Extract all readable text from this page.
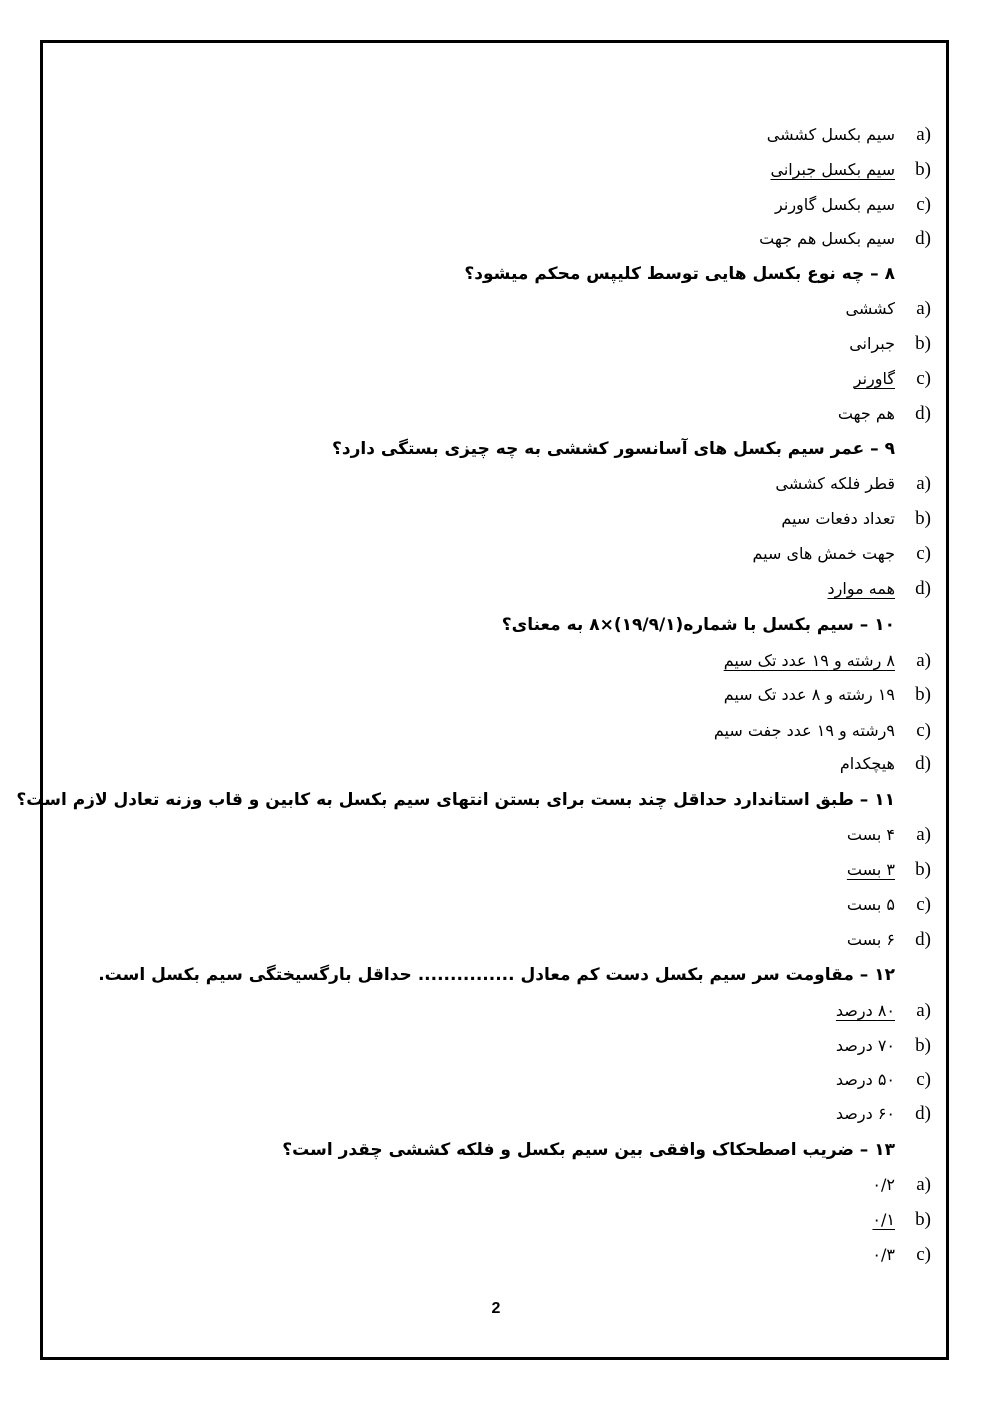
a)سیم بکسل کششی
b)سیم بکسل جبرانی
c)سیم بکسل گاورنر
d)سیم بکسل هم جهت
۸ – چه نوع بکسل هایی توسط کلیپس محکم میشود؟
a)کششی
b)جبرانی
c)گاورنر
d)هم جهت
۹ – عمر سیم بکسل های آسانسور کششی به چه چیزی بستگی دارد؟
a)قطر فلکه کششی
b)تعداد دفعات سیم
c)جهت خمش های سیم
d)همه موارد
۱۰ – سیم بکسل با شماره(۱۹/۹/۱)×۸ به معنای؟
a)۸ رشته و ۱۹ عدد تک سیم
b)۱۹ رشته و ۸ عدد تک سیم
c)۹رشته و ۱۹ عدد جفت سیم
d)هیچکدام
۱۱ – طبق استاندارد حداقل چند بست برای بستن انتهای سیم بکسل به کابین و قاب وزنه تعادل لازم است؟
a)۴ بست
b)۳ بست
c)۵ بست
d)۶ بست
۱۲ – مقاومت سر سیم بکسل دست کم معادل ............... حداقل بارگسیختگی سیم بکسل است.
a)۸۰ درصد
b)۷۰ درصد
c)۵۰ درصد
d)۶۰ درصد
۱۳ – ضریب اصطحکاک وافقی بین سیم بکسل و فلکه کششی چقدر است؟
a)۰/۲
b)۰/۱
c)۰/۳
2
